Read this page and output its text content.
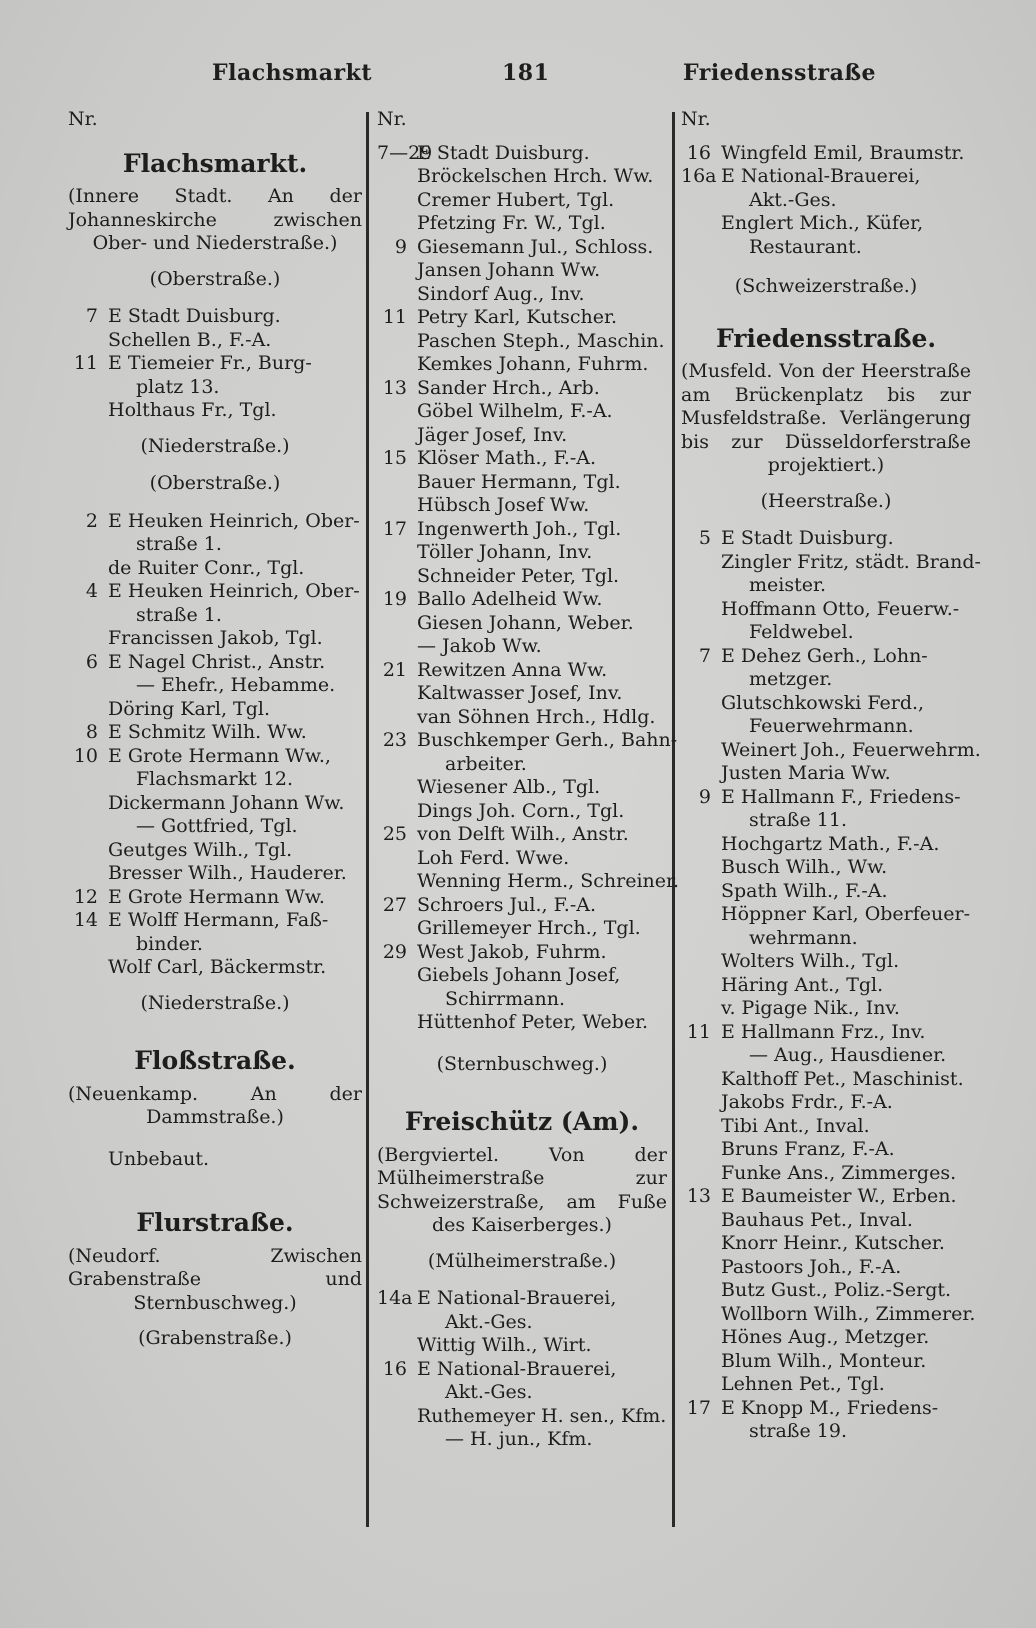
Flachsmarkt	181	Friedensstraße
Nr.
Flachsmarkt.
(Innere Stadt. An der Johanneskirche zwischen Ober- und Niederstraße.)
(Oberstraße.)
7 E Stadt Duisburg.
Schellen B., F.-A.
11 E Tiemeier Fr., Burg-
platz 13.
Holthaus Fr., Tgl.
(Niederstraße.)
(Oberstraße.)
2 E Heuken Heinrich, Ober-
straße 1.
de Ruiter Conr., Tgl.
4 E Heuken Heinrich, Ober-
straße 1.
Francissen Jakob, Tgl.
6 E Nagel Christ., Anstr.
— Ehefr., Hebamme.
Döring Karl, Tgl.
8 E Schmitz Wilh. Ww.
10 E Grote Hermann Ww.,
Flachsmarkt 12.
Dickermann Johann Ww.
— Gottfried, Tgl.
Geutges Wilh., Tgl.
Bresser Wilh., Hauderer.
12 E Grote Hermann Ww.
14 E Wolff Hermann, Faß-
binder.
Wolf Carl, Bäckermstr.
(Niederstraße.)
Floßstraße.
(Neuenkamp. An der Dammstraße.)
Unbebaut.
Flurstraße.
(Neudorf. Zwischen Grabenstraße und Sternbuschweg.)
(Grabenstraße.)
Nr.
7—29
E Stadt Duisburg.
Bröckelschen Hrch. Ww.
Cremer Hubert, Tgl.
Pfetzing Fr. W., Tgl.
9 Giesemann Jul., Schloss.
Jansen Johann Ww.
Sindorf Aug., Inv.
11 Petry Karl, Kutscher.
Paschen Steph., Maschin.
Kemkes Johann, Fuhrm.
13 Sander Hrch., Arb.
Göbel Wilhelm, F.-A.
Jäger Josef, Inv.
15 Klöser Math., F.-A.
Bauer Hermann, Tgl.
Hübsch Josef Ww.
17 Ingenwerth Joh., Tgl.
Töller Johann, Inv.
Schneider Peter, Tgl.
19 Ballo Adelheid Ww.
Giesen Johann, Weber.
— Jakob Ww.
21 Rewitzen Anna Ww.
Kaltwasser Josef, Inv.
van Söhnen Hrch., Hdlg.
23 Buschkemper Gerh., Bahn-
arbeiter.
Wiesener Alb., Tgl.
Dings Joh. Corn., Tgl.
25 von Delft Wilh., Anstr.
Loh Ferd. Wwe.
Wenning Herm., Schreiner.
27 Schroers Jul., F.-A.
Grillemeyer Hrch., Tgl.
29 West Jakob, Fuhrm.
Giebels Johann Josef,
Schirrmann.
Hüttenhof Peter, Weber.
(Sternbuschweg.)
Freischütz (Am).
(Bergviertel. Von der Mülheimerstraße zur Schweizerstraße, am Fuße des Kaiserberges.)
(Mülheimerstraße.)
14a E National-Brauerei,
Akt.-Ges.
Wittig Wilh., Wirt.
16 E National-Brauerei,
Akt.-Ges.
Ruthemeyer H. sen., Kfm.
— H. jun., Kfm.
Nr.
16 Wingfeld Emil, Braumstr.
16a E National-Brauerei,
Akt.-Ges.
Englert Mich., Küfer,
Restaurant.
(Schweizerstraße.)
Friedensstraße.
(Musfeld. Von der Heerstraße am Brückenplatz bis zur Musfeldstraße. Verlängerung bis zur Düsseldorferstraße projektiert.)
(Heerstraße.)
5 E Stadt Duisburg.
Zingler Fritz, städt. Brand-
meister.
Hoffmann Otto, Feuerw.-
Feldwebel.
7 E Dehez Gerh., Lohn-
metzger.
Glutschkowski Ferd.,
Feuerwehrmann.
Weinert Joh., Feuerwehrm.
Justen Maria Ww.
9 E Hallmann F., Friedens-
straße 11.
Hochgartz Math., F.-A.
Busch Wilh., Ww.
Spath Wilh., F.-A.
Höppner Karl, Oberfeuer-
wehrmann.
Wolters Wilh., Tgl.
Häring Ant., Tgl.
v. Pigage Nik., Inv.
11 E Hallmann Frz., Inv.
— Aug., Hausdiener.
Kalthoff Pet., Maschinist.
Jakobs Frdr., F.-A.
Tibi Ant., Inval.
Bruns Franz, F.-A.
Funke Ans., Zimmerges.
13 E Baumeister W., Erben.
Bauhaus Pet., Inval.
Knorr Heinr., Kutscher.
Pastoors Joh., F.-A.
Butz Gust., Poliz.-Sergt.
Wollborn Wilh., Zimmerer.
Hönes Aug., Metzger.
Blum Wilh., Monteur.
Lehnen Pet., Tgl.
17 E Knopp M., Friedens-
straße 19.
